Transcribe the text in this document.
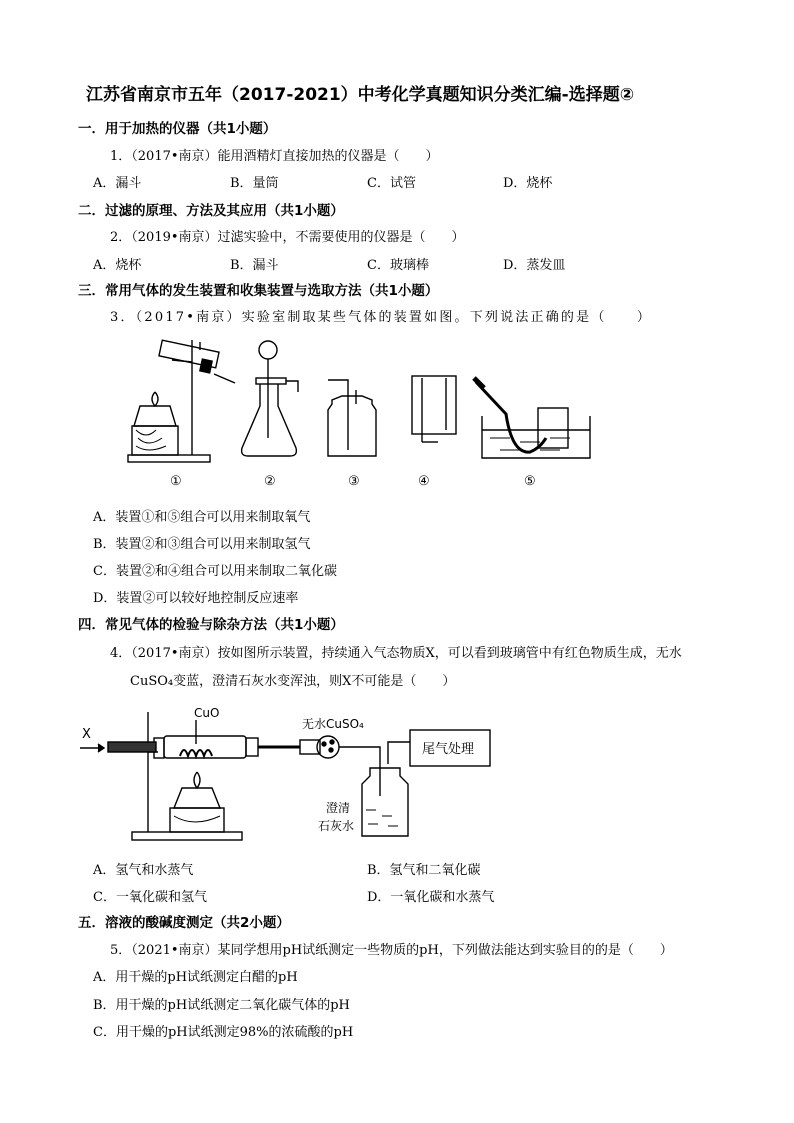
江苏省南京市五年（2017-2021）中考化学真题知识分类汇编-选择题②
一．用于加热的仪器（共1小题）
1．（2017•南京）能用酒精灯直接加热的仪器是（　　）
A．漏斗	B．量筒	C．试管	D．烧杯
二．过滤的原理、方法及其应用（共1小题）
2．（2019•南京）过滤实验中，不需要使用的仪器是（　　）
A．烧杯	B．漏斗	C．玻璃棒	D．蒸发皿
三．常用气体的发生装置和收集装置与选取方法（共1小题）
3．（2017•南京）实验室制取某些气体的装置如图。下列说法正确的是（　　）
①	②	③	④	⑤
A．装置①和⑤组合可以用来制取氧气
B．装置②和③组合可以用来制取氢气
C．装置②和④组合可以用来制取二氧化碳
D．装置②可以较好地控制反应速率
四．常见气体的检验与除杂方法（共1小题）
4．（2017•南京）按如图所示装置，持续通入气态物质X，可以看到玻璃管中有红色物质生成，无水
CuSO₄变蓝，澄清石灰水变浑浊，则X不可能是（　　）
CuO
无水CuSO₄
澄清
石灰水
尾气处理
X
A．氢气和水蒸气	B．氢气和二氧化碳
C．一氧化碳和氢气	D．一氧化碳和水蒸气
五．溶液的酸碱度测定（共2小题）
5．（2021•南京）某同学想用pH试纸测定一些物质的pH，下列做法能达到实验目的的是（　　）
A．用干燥的pH试纸测定白醋的pH
B．用干燥的pH试纸测定二氧化碳气体的pH
C．用干燥的pH试纸测定98%的浓硫酸的pH
